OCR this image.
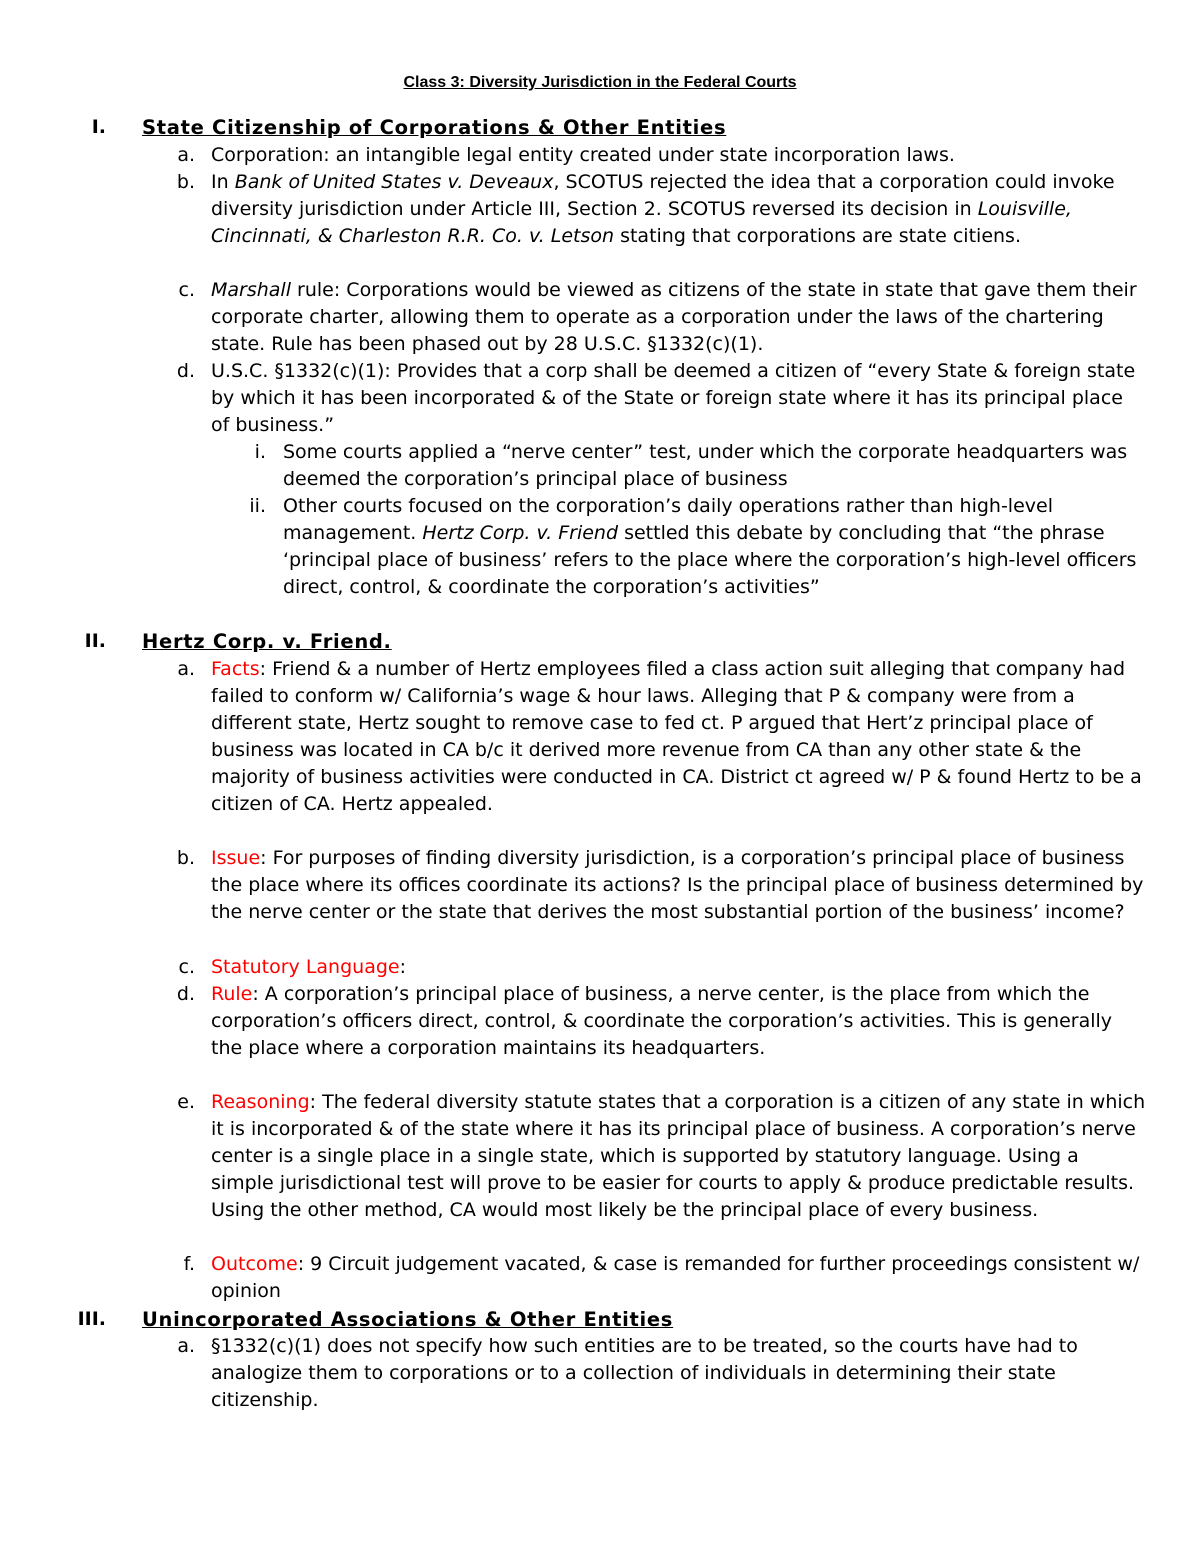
Class 3: Diversity Jurisdiction in the Federal Courts
I. State Citizenship of Corporations & Other Entities
a. Corporation: an intangible legal entity created under state incorporation laws.
b. In Bank of United States v. Deveaux, SCOTUS rejected the idea that a corporation could invoke diversity jurisdiction under Article III, Section 2. SCOTUS reversed its decision in Louisville, Cincinnati, & Charleston R.R. Co. v. Letson stating that corporations are state citiens.
c. Marshall rule: Corporations would be viewed as citizens of the state in state that gave them their corporate charter, allowing them to operate as a corporation under the laws of the chartering state. Rule has been phased out by 28 U.S.C. §1332(c)(1).
d. U.S.C. §1332(c)(1): Provides that a corp shall be deemed a citizen of “every State & foreign state by which it has been incorporated & of the State or foreign state where it has its principal place of business.”
i. Some courts applied a “nerve center” test, under which the corporate headquarters was deemed the corporation’s principal place of business
ii. Other courts focused on the corporation’s daily operations rather than high-level management. Hertz Corp. v. Friend settled this debate by concluding that “the phrase ‘principal place of business’ refers to the place where the corporation’s high-level officers direct, control, & coordinate the corporation’s activities”
II. Hertz Corp. v. Friend.
a. Facts: Friend & a number of Hertz employees filed a class action suit alleging that company had failed to conform w/ California’s wage & hour laws. Alleging that P & company were from a different state, Hertz sought to remove case to fed ct. P argued that Hert’z principal place of business was located in CA b/c it derived more revenue from CA than any other state & the majority of business activities were conducted in CA. District ct agreed w/ P & found Hertz to be a citizen of CA. Hertz appealed.
b. Issue: For purposes of finding diversity jurisdiction, is a corporation’s principal place of business the place where its offices coordinate its actions? Is the principal place of business determined by the nerve center or the state that derives the most substantial portion of the business’ income?
c. Statutory Language:
d. Rule: A corporation’s principal place of business, a nerve center, is the place from which the corporation’s officers direct, control, & coordinate the corporation’s activities. This is generally the place where a corporation maintains its headquarters.
e. Reasoning: The federal diversity statute states that a corporation is a citizen of any state in which it is incorporated & of the state where it has its principal place of business. A corporation’s nerve center is a single place in a single state, which is supported by statutory language. Using a simple jurisdictional test will prove to be easier for courts to apply & produce predictable results. Using the other method, CA would most likely be the principal place of every business.
f. Outcome: 9 Circuit judgement vacated, & case is remanded for further proceedings consistent w/ opinion
III. Unincorporated Associations & Other Entities
a. §1332(c)(1) does not specify how such entities are to be treated, so the courts have had to analogize them to corporations or to a collection of individuals in determining their state citizenship.
